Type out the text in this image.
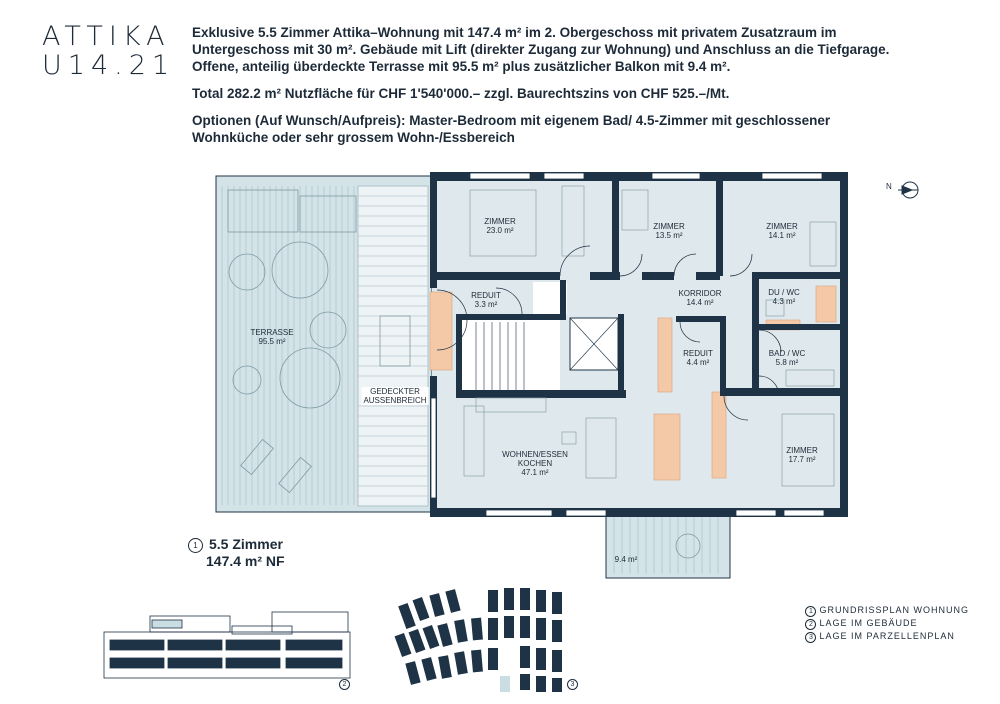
ATTIKA
U14.21

Exklusive 5.5 Zimmer Attika–Wohnung mit 147.4 m² im 2. Obergeschoss mit privatem Zusatzraum im Untergeschoss mit 30 m². Gebäude mit Lift (direkter Zugang zur Wohnung) und Anschluss an die Tiefgarage. Offene, anteilig überdeckte Terrasse mit 95.5 m² plus zusätzlicher Balkon mit 9.4 m².

Total 282.2 m² Nutzfläche für CHF 1'540'000.– zzgl. Baurechtszins von CHF 525.–/Mt.

Optionen (Auf Wunsch/Aufpreis): Master-Bedroom mit eigenem Bad/ 4.5-Zimmer mit geschlossener Wohnküche oder sehr grossem Wohn-/Essbereich

ZIMMER
23.0 m²	ZIMMER
13.5 m²
ZIMMER
14.1 m²
REDUIT
3.3 m²
KORRIDOR
14.4 m²
DU / WC
4.3 m²
REDUIT
4.4 m²
BAD / WC
5.8 m²
TERRASSE
95.5 m²
GEDECKTER
AUSSENBREICH
WOHNEN/ESSEN
KOCHEN
47.1 m²
ZIMMER
17.7 m²
9.4 m²
N
1 5.5 Zimmer
147.4 m² NF
1 GRUNDRISSPLAN WOHNUNG
2 LAGE IM GEBÄUDE
3 LAGE IM PARZELLENPLAN
2	3
